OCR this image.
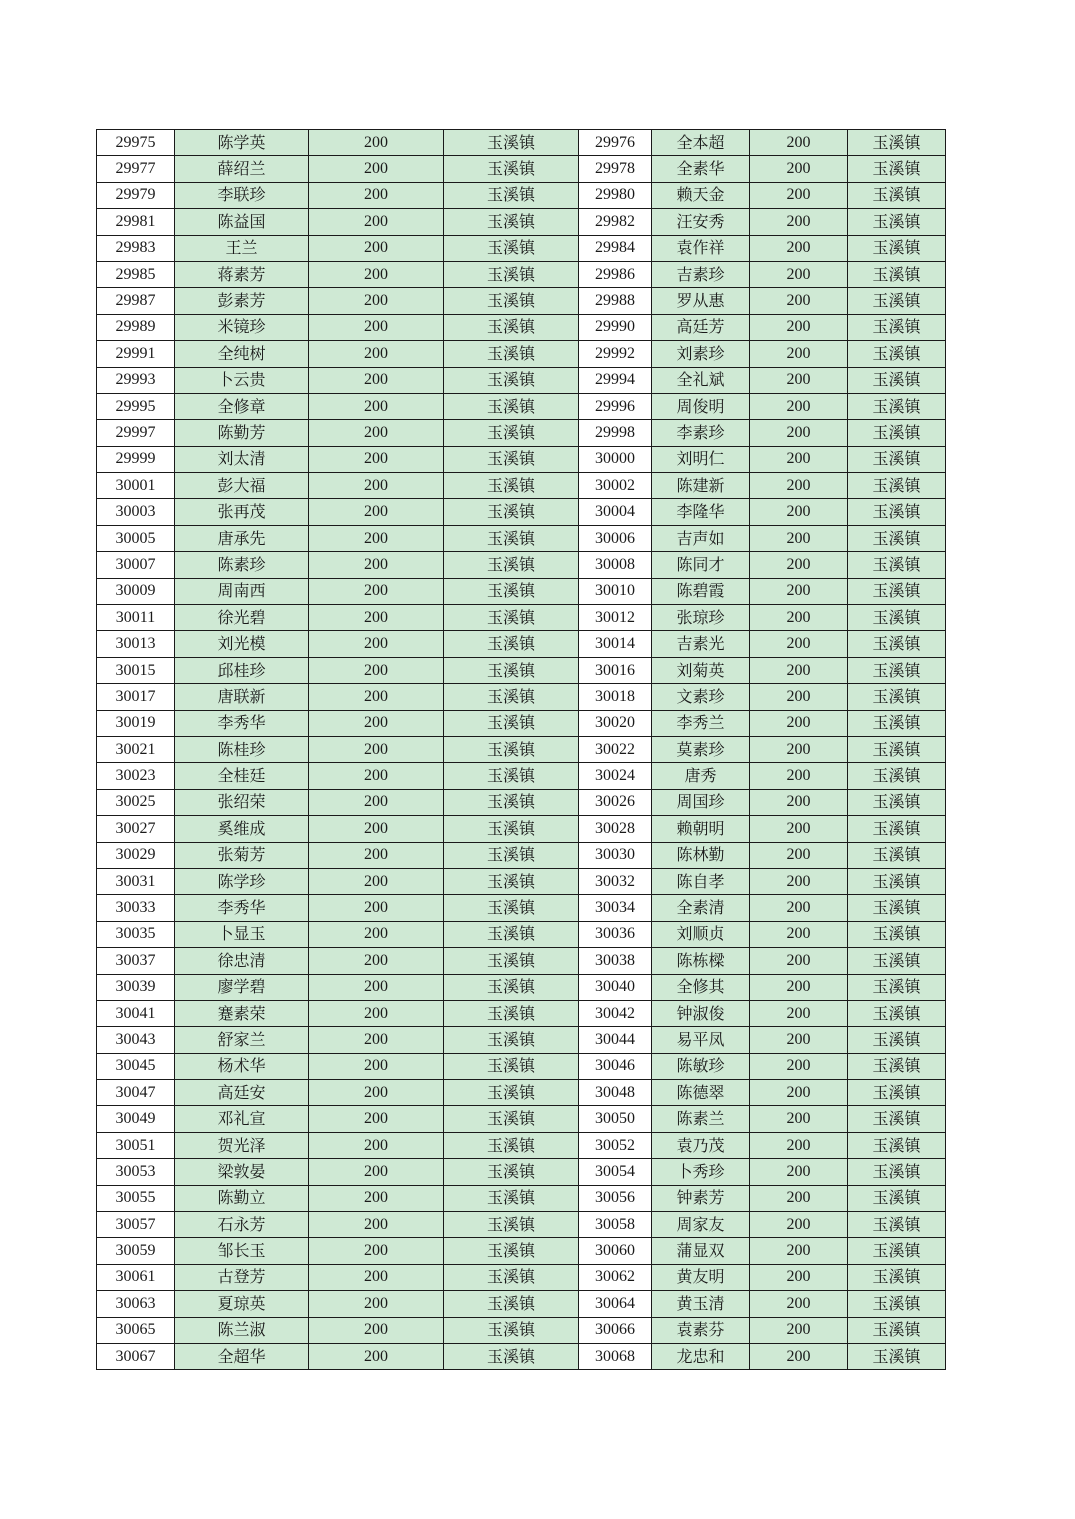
29975	陈学英	200	玉溪镇	29976	全本超	200	玉溪镇
29977	薛绍兰	200	玉溪镇	29978	全素华	200	玉溪镇
29979	李联珍	200	玉溪镇	29980	赖天金	200	玉溪镇
29981	陈益国	200	玉溪镇	29982	汪安秀	200	玉溪镇
29983	王兰	200	玉溪镇	29984	袁作祥	200	玉溪镇
29985	蒋素芳	200	玉溪镇	29986	吉素珍	200	玉溪镇
29987	彭素芳	200	玉溪镇	29988	罗从惠	200	玉溪镇
29989	米镜珍	200	玉溪镇	29990	高廷芳	200	玉溪镇
29991	全纯树	200	玉溪镇	29992	刘素珍	200	玉溪镇
29993	卜云贵	200	玉溪镇	29994	全礼斌	200	玉溪镇
29995	全修章	200	玉溪镇	29996	周俊明	200	玉溪镇
29997	陈勤芳	200	玉溪镇	29998	李素珍	200	玉溪镇
29999	刘太清	200	玉溪镇	30000	刘明仁	200	玉溪镇
30001	彭大福	200	玉溪镇	30002	陈建新	200	玉溪镇
30003	张再茂	200	玉溪镇	30004	李隆华	200	玉溪镇
30005	唐承先	200	玉溪镇	30006	吉声如	200	玉溪镇
30007	陈素珍	200	玉溪镇	30008	陈同才	200	玉溪镇
30009	周南西	200	玉溪镇	30010	陈碧霞	200	玉溪镇
30011	徐光碧	200	玉溪镇	30012	张琼珍	200	玉溪镇
30013	刘光模	200	玉溪镇	30014	吉素光	200	玉溪镇
30015	邱桂珍	200	玉溪镇	30016	刘菊英	200	玉溪镇
30017	唐联新	200	玉溪镇	30018	文素珍	200	玉溪镇
30019	李秀华	200	玉溪镇	30020	李秀兰	200	玉溪镇
30021	陈桂珍	200	玉溪镇	30022	莫素珍	200	玉溪镇
30023	全桂廷	200	玉溪镇	30024	唐秀	200	玉溪镇
30025	张绍荣	200	玉溪镇	30026	周国珍	200	玉溪镇
30027	奚维成	200	玉溪镇	30028	赖朝明	200	玉溪镇
30029	张菊芳	200	玉溪镇	30030	陈林勤	200	玉溪镇
30031	陈学珍	200	玉溪镇	30032	陈自孝	200	玉溪镇
30033	李秀华	200	玉溪镇	30034	全素清	200	玉溪镇
30035	卜显玉	200	玉溪镇	30036	刘顺贞	200	玉溪镇
30037	徐忠清	200	玉溪镇	30038	陈栋樑	200	玉溪镇
30039	廖学碧	200	玉溪镇	30040	全修其	200	玉溪镇
30041	蹇素荣	200	玉溪镇	30042	钟淑俊	200	玉溪镇
30043	舒家兰	200	玉溪镇	30044	易平凤	200	玉溪镇
30045	杨术华	200	玉溪镇	30046	陈敏珍	200	玉溪镇
30047	高廷安	200	玉溪镇	30048	陈德翠	200	玉溪镇
30049	邓礼宣	200	玉溪镇	30050	陈素兰	200	玉溪镇
30051	贺光泽	200	玉溪镇	30052	袁乃茂	200	玉溪镇
30053	梁敦晏	200	玉溪镇	30054	卜秀珍	200	玉溪镇
30055	陈勤立	200	玉溪镇	30056	钟素芳	200	玉溪镇
30057	石永芳	200	玉溪镇	30058	周家友	200	玉溪镇
30059	邹长玉	200	玉溪镇	30060	蒲显双	200	玉溪镇
30061	古登芳	200	玉溪镇	30062	黄友明	200	玉溪镇
30063	夏琼英	200	玉溪镇	30064	黄玉清	200	玉溪镇
30065	陈兰淑	200	玉溪镇	30066	袁素芬	200	玉溪镇
30067	全超华	200	玉溪镇	30068	龙忠和	200	玉溪镇
